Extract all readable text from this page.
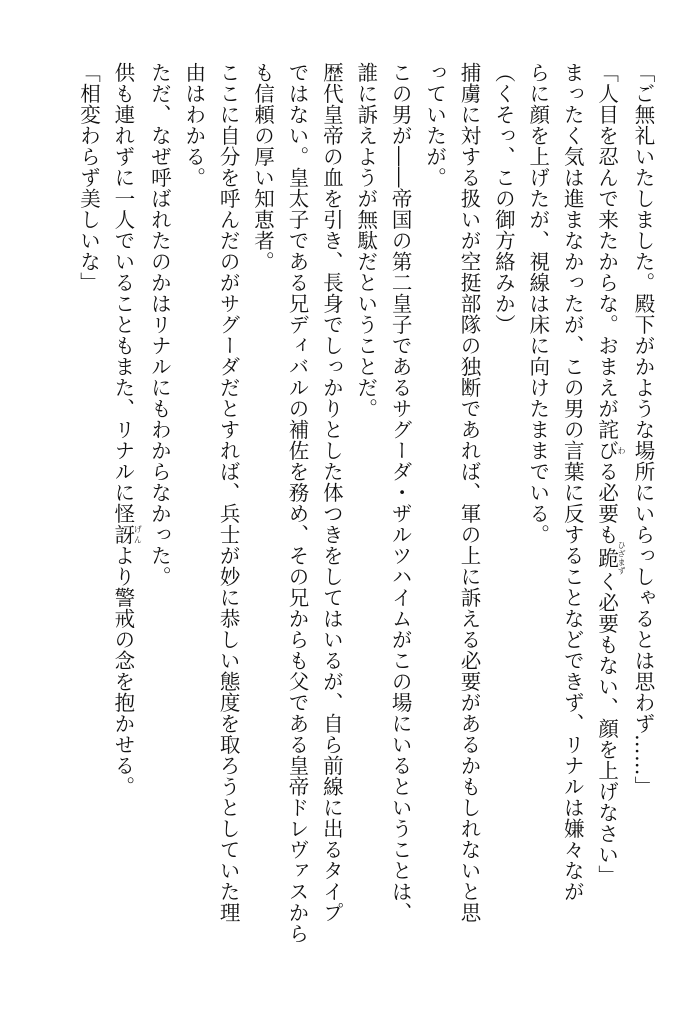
「ご無礼いたしました。殿下がかような場所にいらっしゃるとは思わず……」
「人目を忍んで来たからな。おまえが詫びわる必要も跪ひざまずく必要もない、顔を上げなさい」
まったく気は進まなかったが、この男の言葉に反することなどできず、リナルは嫌々なが
らに顔を上げたが、視線は床に向けたままでいる。
（くそっ、この御方絡みか）
捕虜に対する扱いが空挺部隊の独断であれば、軍の上に訴える必要があるかもしれないと思
っていたが。
この男が――帝国の第二皇子であるサグーダ・ザルツハイムがこの場にいるということは、
誰に訴えようが無駄だということだ。
歴代皇帝の血を引き、長身でしっかりとした体つきをしてはいるが、自ら前線に出るタイプ
ではない。皇太子である兄ディバルの補佐を務め、その兄からも父である皇帝ドレヴァスから
も信頼の厚い知恵者。
ここに自分を呼んだのがサグーダだとすれば、兵士が妙に恭しい態度を取ろうとしていた理
由はわかる。
ただ、なぜ呼ばれたのかはリナルにもわからなかった。
供も連れずに一人でいることもまた、リナルに怪訝げんより警戒の念を抱かせる。
「相変わらず美しいな」
